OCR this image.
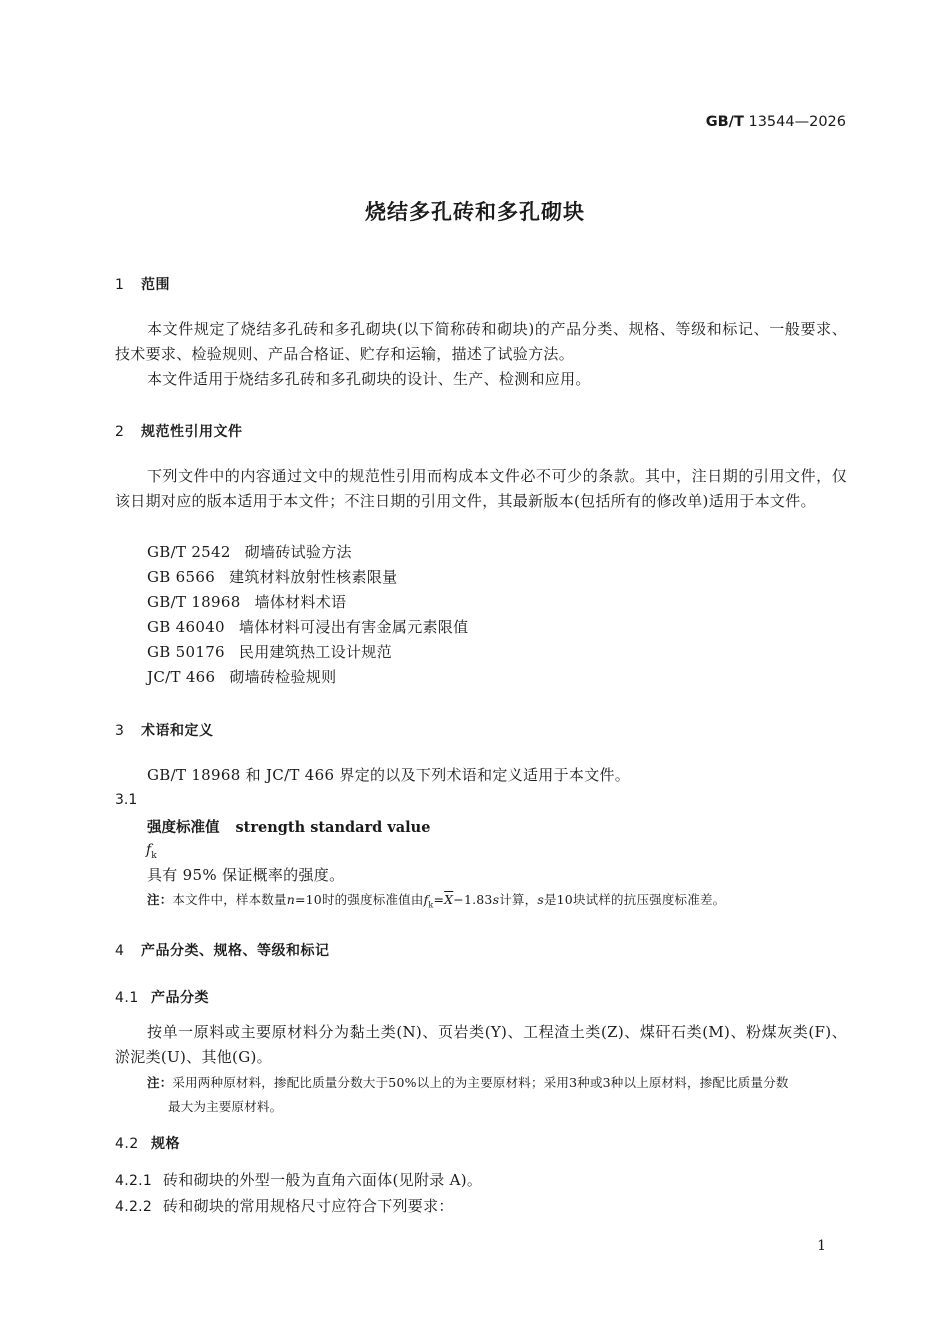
GB/T 13544—2026
烧结多孔砖和多孔砌块
1 范围
本文件规定了烧结多孔砖和多孔砌块(以下简称砖和砌块)的产品分类、规格、等级和标记、一般要求、技术要求、检验规则、产品合格证、贮存和运输，描述了试验方法。
本文件适用于烧结多孔砖和多孔砌块的设计、生产、检测和应用。
2 规范性引用文件
下列文件中的内容通过文中的规范性引用而构成本文件必不可少的条款。其中，注日期的引用文件，仅该日期对应的版本适用于本文件；不注日期的引用文件，其最新版本(包括所有的修改单)适用于本文件。
GB/T 2542 砌墙砖试验方法
GB 6566 建筑材料放射性核素限量
GB/T 18968 墙体材料术语
GB 46040 墙体材料可浸出有害金属元素限值
GB 50176 民用建筑热工设计规范
JC/T 466 砌墙砖检验规则
3 术语和定义
GB/T 18968 和 JC/T 466 界定的以及下列术语和定义适用于本文件。
3.1
强度标准值 strength standard value
$f_k$
具有 95% 保证概率的强度。
注：本文件中，样本数量n=10时的强度标准值由$f_k=\overline{X}-1.83s$计算，s是10块试样的抗压强度标准差。
4 产品分类、规格、等级和标记
4.1 产品分类
按单一原料或主要原材料分为黏土类(N)、页岩类(Y)、工程渣土类(Z)、煤矸石类(M)、粉煤灰类(F)、淤泥类(U)、其他(G)。
注：采用两种原材料，掺配比质量分数大于50%以上的为主要原材料；采用3种或3种以上原材料，掺配比质量分数
最大为主要原材料。
4.2 规格
4.2.1 砖和砌块的外型一般为直角六面体(见附录 A)。
4.2.2 砖和砌块的常用规格尺寸应符合下列要求：
1
